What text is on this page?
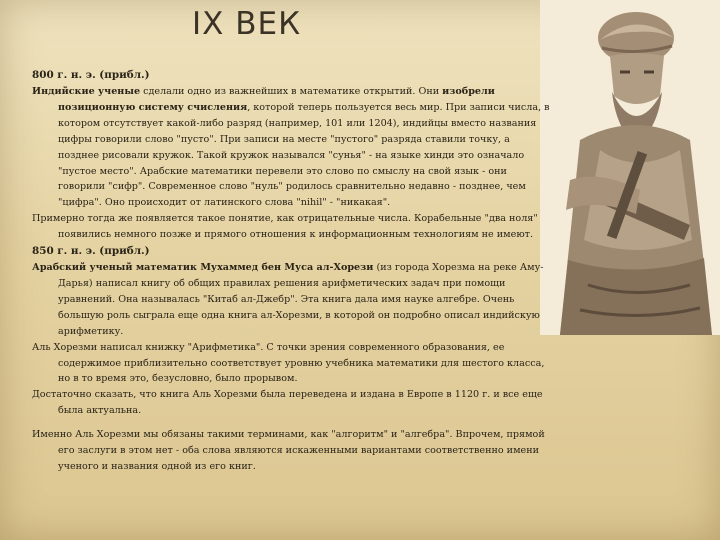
IX ВЕК

800 г. н. э. (прибл.)

Индийские ученые сделали одно из важнейших в математике открытий. Они изобрели позиционную систему счисления, которой теперь пользуется весь мир. При записи числа, в котором отсутствует какой-либо разряд (например, 101 или 1204), индийцы вместо названия цифры говорили слово "пусто". При записи на месте "пустого" разряда ставили точку, а позднее рисовали кружок. Такой кружок назывался "сунья" - на языке хинди это означало "пустое место". Арабские математики перевели это слово по смыслу на свой язык - они говорили "сифр". Современное слово "нуль" родилось сравнительно недавно - позднее, чем "цифра". Оно происходит от латинского слова "nihil" - "никакая".

Примерно тогда же появляется такое понятие, как отрицательные числа. Корабельные "два ноля" появились немного позже и прямого отношения к информационным технологиям не имеют.

850 г. н. э. (прибл.)

Арабский ученый математик Мухаммед бен Муса ал-Хорези (из города Хорезма на реке Аму-Дарья) написал книгу об общих правилах решения арифметических задач при помощи уравнений. Она называлась "Китаб ал-Джебр". Эта книга дала имя науке алгебре. Очень большую роль сыграла еще одна книга ал-Хорезми, в которой он подробно описал индийскую арифметику.

Аль Хорезми написал книжку "Арифметика". С точки зрения современного образования, ее содержимое приблизительно соответствует уровню учебника математики для шестого класса, но в то время это, безусловно, было прорывом.

Достаточно сказать, что книга Аль Хорезми была переведена и издана в Европе в 1120 г. и все еще была актуальна.

Именно Аль Хорезми мы обязаны такими терминами, как "алгоритм" и "алгебра". Впрочем, прямой его заслуги в этом нет - оба слова являются искаженными вариантами соответственно имени ученого и названия одной из его книг.
